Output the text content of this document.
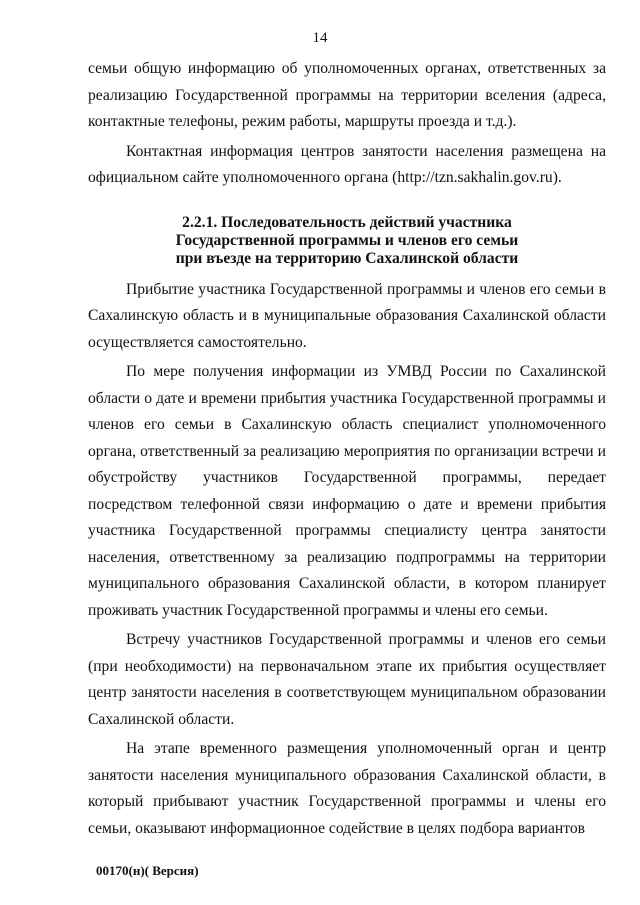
14

семьи общую информацию об уполномоченных органах, ответственных за реализацию Государственной программы на территории вселения (адреса, контактные телефоны, режим работы, маршруты проезда и т.д.).

Контактная информация центров занятости населения размещена на официальном сайте уполномоченного органа (http://tzn.sakhalin.gov.ru).

2.2.1. Последовательность действий участника
Государственной программы и членов его семьи
при въезде на территорию Сахалинской области

Прибытие участника Государственной программы и членов его семьи в Сахалинскую область и в муниципальные образования Сахалинской области осуществляется самостоятельно.

По мере получения информации из УМВД России по Сахалинской области о дате и времени прибытия участника Государственной программы и членов его семьи в Сахалинскую область специалист уполномоченного органа, ответственный за реализацию мероприятия по организации встречи и обустройству участников Государственной программы, передает посредством телефонной связи информацию о дате и времени прибытия участника Государственной программы специалисту центра занятости населения, ответственному за реализацию подпрограммы на территории муниципального образования Сахалинской области, в котором планирует проживать участник Государственной программы и члены его семьи.

Встречу участников Государственной программы и членов его семьи (при необходимости) на первоначальном этапе их прибытия осуществляет центр занятости населения в соответствующем муниципальном образовании Сахалинской области.

На этапе временного размещения уполномоченный орган и центр занятости населения муниципального образования Сахалинской области, в который прибывают участник Государственной программы и члены его семьи, оказывают информационное содействие в целях подбора вариантов

00170(н)( Версия)
